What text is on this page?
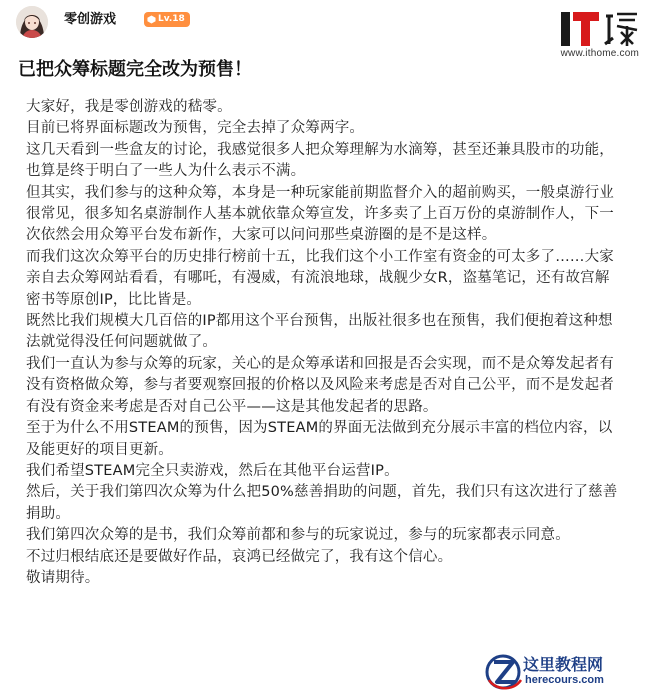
零创游戏	Lv.18
www.ithome.com
已把众筹标题完全改为预售！

大家好，我是零创游戏的嵇零。

目前已将界面标题改为预售，完全去掉了众筹两字。

这几天看到一些盒友的讨论，我感觉很多人把众筹理解为水滴筹，甚至还兼具股市的功能，也算是终于明白了一些人为什么表示不满。

但其实，我们参与的这种众筹，本身是一种玩家能前期监督介入的超前购买，一般桌游行业很常见，很多知名桌游制作人基本就依靠众筹宣发，许多卖了上百万份的桌游制作人，下一次依然会用众筹平台发布新作，大家可以问问那些桌游圈的是不是这样。

而我们这次众筹平台的历史排行榜前十五，比我们这个小工作室有资金的可太多了……大家亲自去众筹网站看看，有哪吒，有漫威，有流浪地球，战舰少女R，盗墓笔记，还有故宫解密书等原创IP，比比皆是。

既然比我们规模大几百倍的IP都用这个平台预售，出版社很多也在预售，我们便抱着这种想法就觉得没任何问题就做了。

我们一直认为参与众筹的玩家，关心的是众筹承诺和回报是否会实现，而不是众筹发起者有没有资格做众筹，参与者要观察回报的价格以及风险来考虑是否对自己公平，而不是发起者有没有资金来考虑是否对自己公平——这是其他发起者的思路。

至于为什么不用STEAM的预售，因为STEAM的界面无法做到充分展示丰富的档位内容，以及能更好的项目更新。

我们希望STEAM完全只卖游戏，然后在其他平台运营IP。

然后，关于我们第四次众筹为什么把50%慈善捐助的问题，首先，我们只有这次进行了慈善捐助。

我们第四次众筹的是书，我们众筹前都和参与的玩家说过，参与的玩家都表示同意。

不过归根结底还是要做好作品，哀鸿已经做完了，我有这个信心。

敬请期待。

这里教程网
herecours.com
